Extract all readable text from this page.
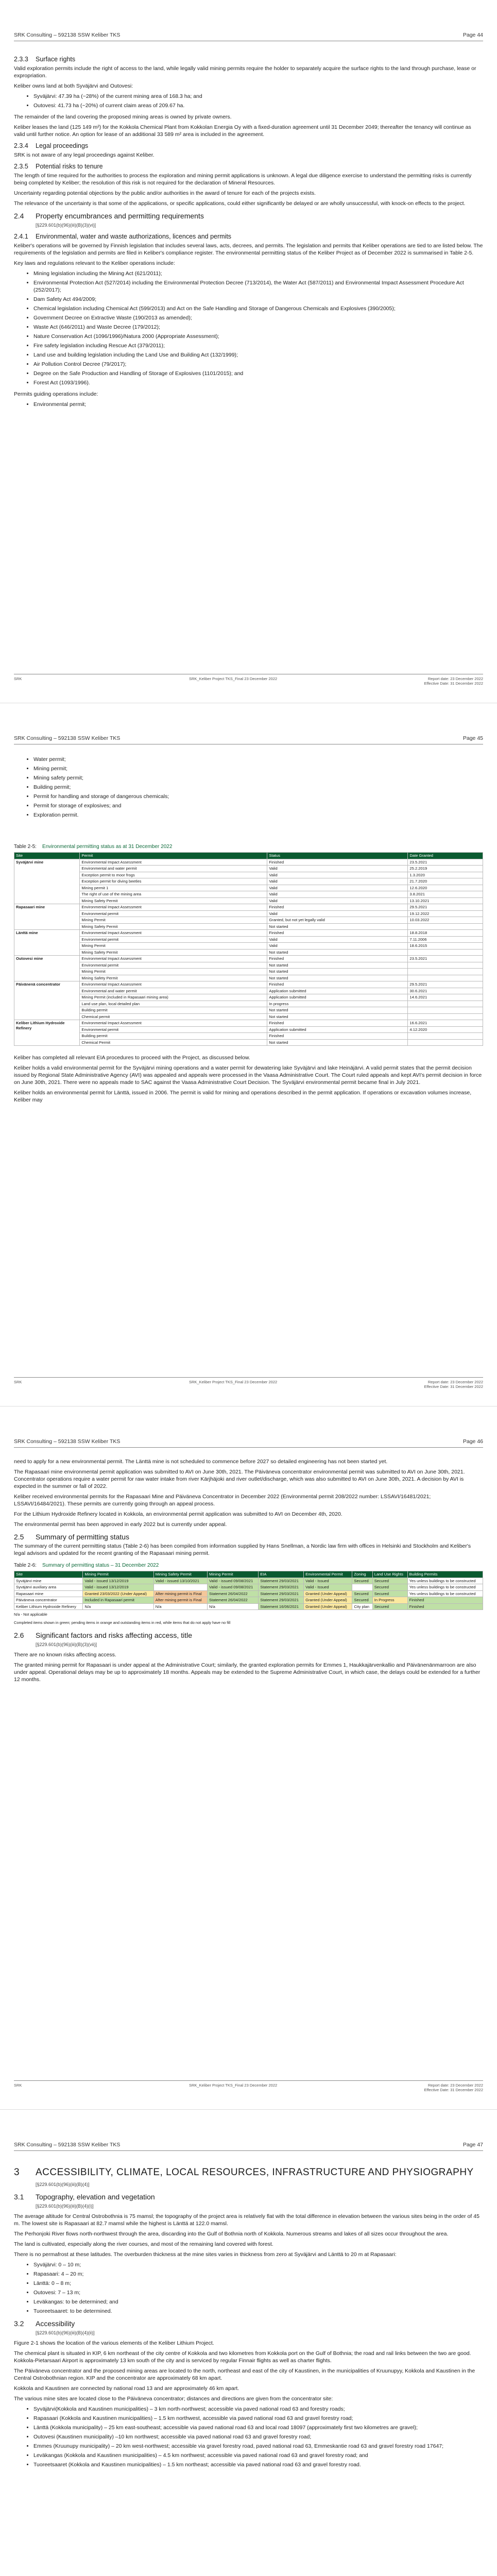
SRK Consulting – 592138 SSW Keliber TKS	Page 44
2.3.3 Surface rights

Valid exploration permits include the right of access to the land, while legally valid mining permits require the holder to separately acquire the surface rights to the land through purchase, lease or expropriation.

Keliber owns land at both Syväjärvi and Outovesi:

• Syväjärvi: 47.39 ha (~28%) of the current mining area of 168.3 ha; and
• Outovesi: 41.73 ha (~20%) of current claim areas of 209.67 ha.

The remainder of the land covering the proposed mining areas is owned by private owners.

Keliber leases the land (125 149 m²) for the Kokkola Chemical Plant from Kokkolan Energia Oy with a fixed-duration agreement until 31 December 2049; thereafter the tenancy will continue as valid until further notice. An option for lease of an additional 33 589 m² area is included in the agreement.

2.3.4 Legal proceedings

SRK is not aware of any legal proceedings against Keliber.

2.3.5 Potential risks to tenure

The length of time required for the authorities to process the exploration and mining permit applications is unknown. A legal due diligence exercise to understand the permitting risks is currently being completed by Keliber; the resolution of this risk is not required for the declaration of Mineral Resources.

Uncertainty regarding potential objections by the public and/or authorities in the award of tenure for each of the projects exists.

The relevance of the uncertainty is that some of the applications, or specific applications, could either significantly be delayed or are wholly unsuccessful, with knock-on effects to the project.

2.4 Property encumbrances and permitting requirements
[§229.601(b)(96)(iii)(B)(3)(vi)]
2.4.1 Environmental, water and waste authorizations, licences and permits

Keliber's operations will be governed by Finnish legislation that includes several laws, acts, decrees, and permits. The legislation and permits that Keliber operations are tied to are listed below. The requirements of the legislation and permits are filed in Keliber's compliance register. The environmental permitting status of the Keliber Project as of December 2022 is summarised in Table 2-5.

Key laws and regulations relevant to the Keliber operations include:

• Mining legislation including the Mining Act (621/2011);
• Environmental Protection Act (527/2014) including the Environmental Protection Decree (713/2014), the Water Act (587/2011) and Environmental Impact Assessment Procedure Act (252/2017);
• Dam Safety Act 494/2009;
• Chemical legislation including Chemical Act (599/2013) and Act on the Safe Handling and Storage of Dangerous Chemicals and Explosives (390/2005);
• Government Decree on Extractive Waste (190/2013 as amended);
• Waste Act (646/2011) and Waste Decree (179/2012);
• Nature Conservation Act (1096/1996)/Natura 2000 (Appropriate Assessment);
• Fire safety legislation including Rescue Act (379/2011);
• Land use and building legislation including the Land Use and Building Act (132/1999);
• Air Pollution Control Decree (79/2017);
• Degree on the Safe Production and Handling of Storage of Explosives (1101/2015); and
• Forest Act (1093/1996).

Permits guiding operations include:

• Environmental permit;
SRK	SRK_Keliber Project TKS_Final 23 December 2022	Report date: 23 December 2022
Effective Date: 31 December 2022
SRK Consulting – 592138 SSW Keliber TKS	Page 45
• Water permit;
• Mining permit;
• Mining safety permit;
• Building permit;
• Permit for handling and storage of dangerous chemicals;
• Permit for storage of explosives; and
• Exploration permit.
Table 2-5: Environmental permitting status as at 31 December 2022
Site	Permit	Status	Date Granted
Syväjärvi mine	Environmental Impact Assessment	Finished	23.5.2021
	Environmental and water permit	Valid	25.2.2019
	Exception permit to moor frogs	Valid	1.3.2020
	Exception permit for diving beetles	Valid	21.7.2020
	Mining permit 1	Valid	12.6.2020
	The right of use of the mining area	Valid	3.8.2021
	Mining Safety Permit	Valid	13.10.2021
Rapasaari mine	Environmental Impact Assessment	Finished	29.5.2021
	Environmental permit	Valid	19.12.2022
	Mining Permit	Granted, but not yet legally valid	10.03.2022
	Mining Safety Permit	Not started	
Länttä mine	Environmental Impact Assessment	Finished	18.8.2018
	Environmental permit	Valid	7.11.2006
	Mining Permit	Valid	18.6.2015
	Mining Safety Permit	Not started	
Outovesi mine	Environmental Impact Assessment	Finished	23.5.2021
	Environmental permit	Not started	
	Mining Permit	Not started	
	Mining Safety Permit	Not started	
Päivänenä concentrator	Environmental Impact Assessment	Finished	29.5.2021
	Environmental and water permit	Application submitted	30.6.2021
	Mining Permit (included in Rapasaari mining area)	Application submitted	14.6.2021
	Land use plan, local detailed plan	In progress	
	Building permit	Not started	
	Chemical permit	Not started	
Keliber Lithium Hydroxide Refinery	Environmental Impact Assessment	Finished	16.6.2021
	Environmental permit	Application submitted	4.12.2020
	Building permit	Finished	
	Chemical Permit	Not started	

Keliber has completed all relevant EIA procedures to proceed with the Project, as discussed below.

Keliber holds a valid environmental permit for the Syväjärvi mining operations and a water permit for dewatering lake Syväjärvi and lake Heinäjärvi. A valid permit states that the permit decision issued by Regional State Administrative Agency (AVI) was appealed and appeals were processed in the Vaasa Administrative Court. The Court ruled appeals and kept AVI's permit decision in force on June 30th, 2021. There were no appeals made to SAC against the Vaasa Administrative Court Decision. The Syväjärvi environmental permit became final in July 2021.

Keliber holds an environmental permit for Länttä, issued in 2006. The permit is valid for mining and operations described in the permit application. If operations or excavation volumes increase, Keliber may

SRK	SRK_Keliber Project TKS_Final 23 December 2022	Report date: 23 December 2022
Effective Date: 31 December 2022
SRK Consulting – 592138 SSW Keliber TKS	Page 46

need to apply for a new environmental permit. The Länttä mine is not scheduled to commence before 2027 so detailed engineering has not been started yet.

The Rapasaari mine environmental permit application was submitted to AVI on June 30th, 2021. The Päiväneva concentrator environmental permit was submitted to AVI on June 30th, 2021. Concentrator operations require a water permit for raw water intake from river Kärjhäjoki and river outlet/discharge, which was also submitted to AVI on June 30th, 2021. A decision by AVI is expected in the summer or fall of 2022.

Keliber received environmental permits for the Rapasaari Mine and Päiväneva Concentrator in December 2022 (Environmental permit 208/2022 number: LSSAVI/16481/2021; LSSAVI/16484/2021). These permits are currently going through an appeal process.

For the Lithium Hydroxide Refinery located in Kokkola, an environmental permit application was submitted to AVI on December 4th, 2020.

The environmental permit has been approved in early 2022 but is currently under appeal.

2.5 Summary of permitting status

The summary of the current permitting status (Table 2-6) has been compiled from information supplied by Hans Snellman, a Nordic law firm with offices in Helsinki and Stockholm and Keliber's legal advisors and updated for the recent granting of the Rapasaari mining permit.

Table 2-6: Summary of permitting status – 31 December 2022
Site	Mining Permit	Mining Safety Permit	Mining Permit	EIA	Environmental Permit	Zoning	Land Use Rights	Building Permits
Syväjärvi mine	Valid - issued 13/12/2019	Valid - issued 13/10/2021	Valid - issued 09/08/2021	Statement 29/03/2021	Valid - Issued	Secured	Secured	Yes unless buildings to be constructed
Syväjärvi auxiliary area	Valid - issued 13/12/2019		Valid - issued 09/08/2021	Statement 29/03/2021	Valid - Issued		Secured	Yes unless buildings to be constructed
Rapasaari mine	Granted 23/03/2022 (Under Appeal)	After mining permit is Final	Statement 26/04/2022	Statement 29/03/2021	Granted (Under Appeal)	Secured	Secured	Yes unless buildings to be constructed
Päiväneva concentrator	Included in Rapasaari permit	After mining permit is Final	Statement 26/04/2022	Statement 29/03/2021	Granted (Under Appeal)	Secured	In Progress	Finished
Keliber Lithium Hydroxide Refinery	N/a	N/a	N/a	Statement 16/06/2021	Granted (Under Appeal)	City plan	Secured	Finished
N/a - Not applicable
Completed items shown in green; pending items in orange and outstanding items in red, while items that do not apply have no fill
2.6 Significant factors and risks affecting access, title
[§229.601(b)(96)(iii)(B)(3)(vii)]

There are no known risks affecting access.

The granted mining permit for Rapasaari is under appeal at the Administrative Court; similarly, the granted exploration permits for Emmes 1, Haukkajärvenkallio and Päivänenänmarroon are also under appeal. Operational delays may be up to approximately 18 months. Appeals may be extended to the Supreme Administrative Court, in which case, the delays could be extended for a further 12 months.

SRK	SRK_Keliber Project TKS_Final 23 December 2022	Report date: 23 December 2022
Effective Date: 31 December 2022
SRK Consulting – 592138 SSW Keliber TKS	Page 47
3 ACCESSIBILITY, CLIMATE, LOCAL RESOURCES, INFRASTRUCTURE AND PHYSIOGRAPHY
[§229.601(b)(96)(iii)(B)(4)]
3.1 Topography, elevation and vegetation
[§229.601(b)(96)(iii)(B)(4)(i)]

The average altitude for Central Ostrobothnia is 75 mamsl; the topography of the project area is relatively flat with the total difference in elevation between the various sites being in the order of 45 m. The lowest site is Rapasaari at 82.7 mamsl while the highest is Länttä at 122.0 mamsl.

The Perhonjoki River flows north-northwest through the area, discarding into the Gulf of Bothnia north of Kokkola. Numerous streams and lakes of all sizes occur throughout the area.

The land is cultivated, especially along the river courses, and most of the remaining land covered with forest.

There is no permafrost at these latitudes. The overburden thickness at the mine sites varies in thickness from zero at Syväjärvi and Länttä to 20 m at Rapasaari:

• Syväjärvi: 0 – 10 m;
• Rapasaari: 4 – 20 m;
• Länttä: 0 – 8 m;
• Outovesi: 7 – 13 m;
• Leväkangas: to be determined; and
• Tuoreetsaaret: to be determined.
3.2 Accessibility
[§229.601(b)(96)(iii)(B)(4)(ii)]

Figure 2-1 shows the location of the various elements of the Keliber Lithium Project.

The chemical plant is situated in KIP, 6 km northeast of the city centre of Kokkola and two kilometres from Kokkola port on the Gulf of Bothnia; the road and rail links between the two are good. Kokkola-Pietarsaari Airport is approximately 13 km south of the city and is serviced by regular Finnair flights as well as charter flights.

The Päiväneva concentrator and the proposed mining areas are located to the north, northeast and east of the city of Kaustinen, in the municipalities of Kruunupyy, Kokkola and Kaustinen in the Central Ostrobothnian region. KIP and the concentrator are approximately 68 km apart.

Kokkola and Kaustinen are connected by national road 13 and are approximately 46 km apart.

The various mine sites are located close to the Päiväneva concentrator; distances and directions are given from the concentrator site:

• Syväjärvi(Kokkola and Kaustinen municipalities) – 3 km north-northwest; accessible via paved national road 63 and forestry roads;
• Rapasaari (Kokkola and Kaustinen municipalities) – 1.5 km northwest, accessible via paved national road 63 and gravel forestry road;
• Länttä (Kokkola municipality) – 25 km east-southeast; accessible via paved national road 63 and local road 18097 (approximately first two kilometres are gravel);
• Outovesi (Kaustinen municipality) –10 km northwest; accessible via paved national road 63 and gravel forestry road;
• Emmes (Kruunupy municipality) – 20 km west-northwest; accessible via gravel forestry road, paved national road 63, Emmeskantie road 63 and gravel forestry road 17647;
• Leväkangas (Kokkola and Kaustinen municipalities) – 4.5 km northwest; accessible via paved national road 63 and gravel forestry road; and
• Tuoreetsaaret (Kokkola and Kaustinen municipalities) – 1.5 km northeast; accessible via paved national road 63 and gravel forestry road.
